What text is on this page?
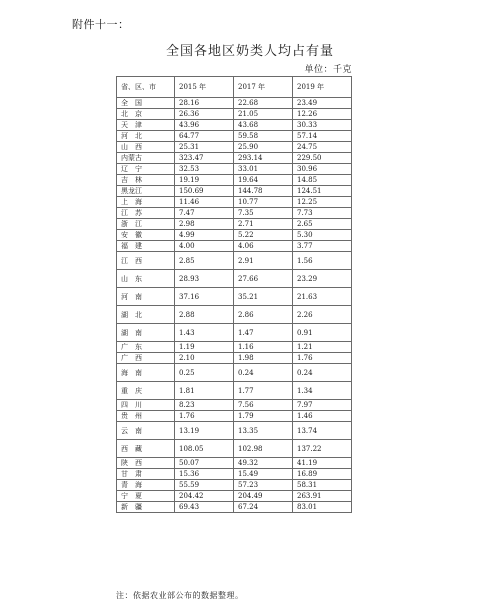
附件十一：
全国各地区奶类人均占有量
单位：千克
省、区、市	2015 年	2017 年	2019 年
全　国	28.16	22.68	23.49
北　京	26.36	21.05	12.26
天　津	43.96	43.68	30.33
河　北	64.77	59.58	57.14
山　西	25.31	25.90	24.75
内蒙古	323.47	293.14	229.50
辽　宁	32.53	33.01	30.96
吉　林	19.19	19.64	14.85
黑龙江	150.69	144.78	124.51
上　海	11.46	10.77	12.25
江　苏	7.47	7.35	7.73
浙　江	2.98	2.71	2.65
安　徽	4.99	5.22	5.30
福　建	4.00	4.06	3.77
江　西	2.85	2.91	1.56
山　东	28.93	27.66	23.29
河　南	37.16	35.21	21.63
湖　北	2.88	2.86	2.26
湖　南	1.43	1.47	0.91
广　东	1.19	1.16	1.21
广　西	2.10	1.98	1.76
海　南	0.25	0.24	0.24
重　庆	1.81	1.77	1.34
四　川	8.23	7.56	7.97
贵　州	1.76	1.79	1.46
云　南	13.19	13.35	13.74
西　藏	108.05	102.98	137.22
陕　西	50.07	49.32	41.19
甘　肃	15.36	15.49	16.89
青　海	55.59	57.23	58.31
宁　夏	204.42	204.49	263.91
新　疆	69.43	67.24	83.01
注：依据农业部公布的数据整理。
